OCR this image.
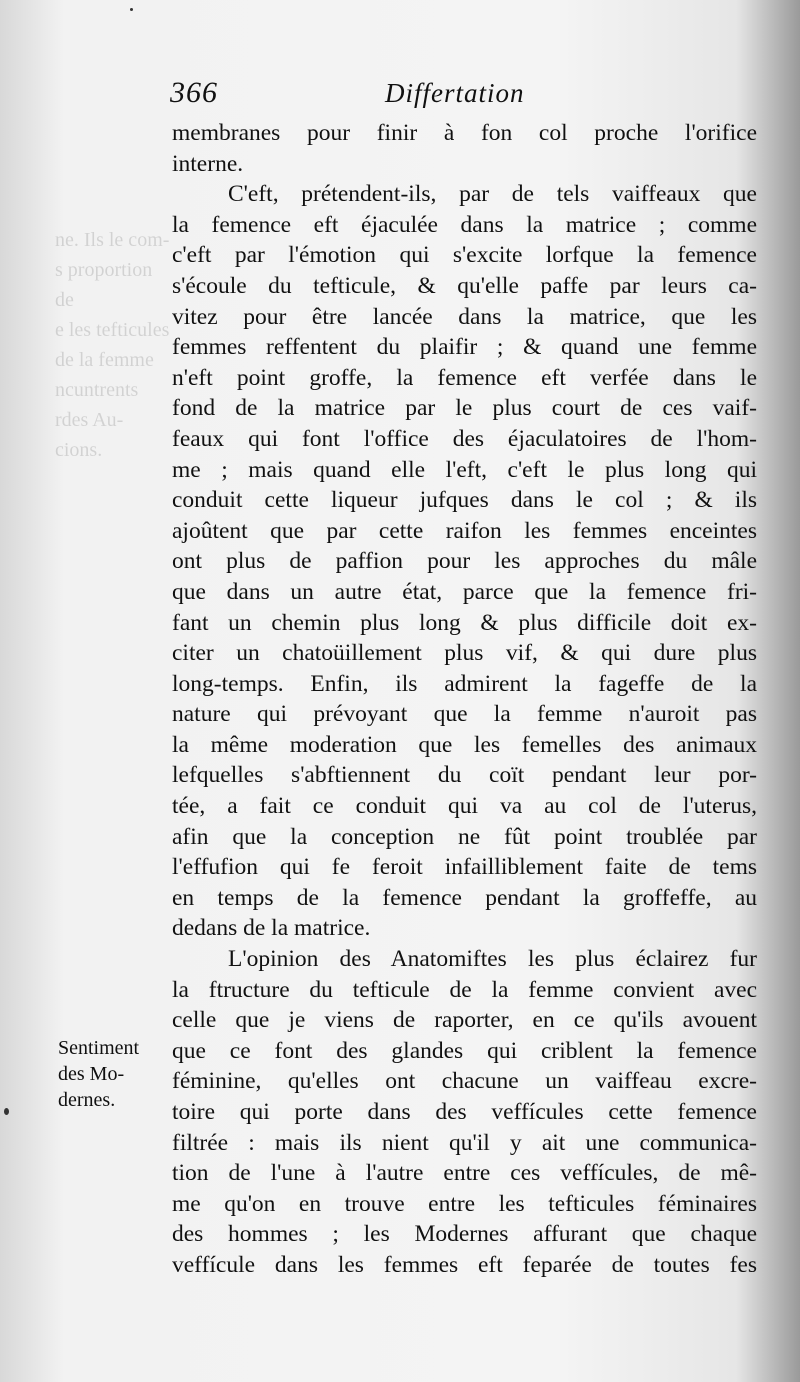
ne. Ils le com-
s proportion de
e les tefticules
de la femme
ncuntrents
rdes Au-
cions.
366	Differtation
membranes pour finir à fon col proche l'orifice
interne.
C'eft, prétendent-ils, par de tels vaiffeaux que
la femence eft éjaculée dans la matrice ; comme
c'eft par l'émotion qui s'excite lorfque la femence
s'écoule du tefticule, & qu'elle paffe par leurs ca-
vitez pour être lancée dans la matrice, que les
femmes reffentent du plaifir ; & quand une femme
n'eft point groffe, la femence eft verfée dans le
fond de la matrice par le plus court de ces vaif-
feaux qui font l'office des éjaculatoires de l'hom-
me ; mais quand elle l'eft, c'eft le plus long qui
conduit cette liqueur jufques dans le col ; & ils
ajoûtent que par cette raifon les femmes enceintes
ont plus de paffion pour les approches du mâle
que dans un autre état, parce que la femence fri-
fant un chemin plus long & plus difficile doit ex-
citer un chatoüillement plus vif, & qui dure plus
long-temps. Enfin, ils admirent la fageffe de la
nature qui prévoyant que la femme n'auroit pas
la même moderation que les femelles des animaux
lefquelles s'abftiennent du coït pendant leur por-
tée, a fait ce conduit qui va au col de l'uterus,
afin que la conception ne fût point troublée par
l'effufion qui fe feroit infailliblement faite de tems
en temps de la femence pendant la groffeffe, au
dedans de la matrice.
L'opinion des Anatomiftes les plus éclairez fur
la ftructure du tefticule de la femme convient avec
celle que je viens de raporter, en ce qu'ils avouent
que ce font des glandes qui criblent la femence
féminine, qu'elles ont chacune un vaiffeau excre-
toire qui porte dans des veffícules cette femence
filtrée : mais ils nient qu'il y ait une communica-
tion de l'une à l'autre entre ces veffícules, de mê-
me qu'on en trouve entre les tefticules féminaires
des hommes ; les Modernes affurant que chaque
veffícule dans les femmes eft feparée de toutes fes
Sentiment
des Mo-
dernes.
